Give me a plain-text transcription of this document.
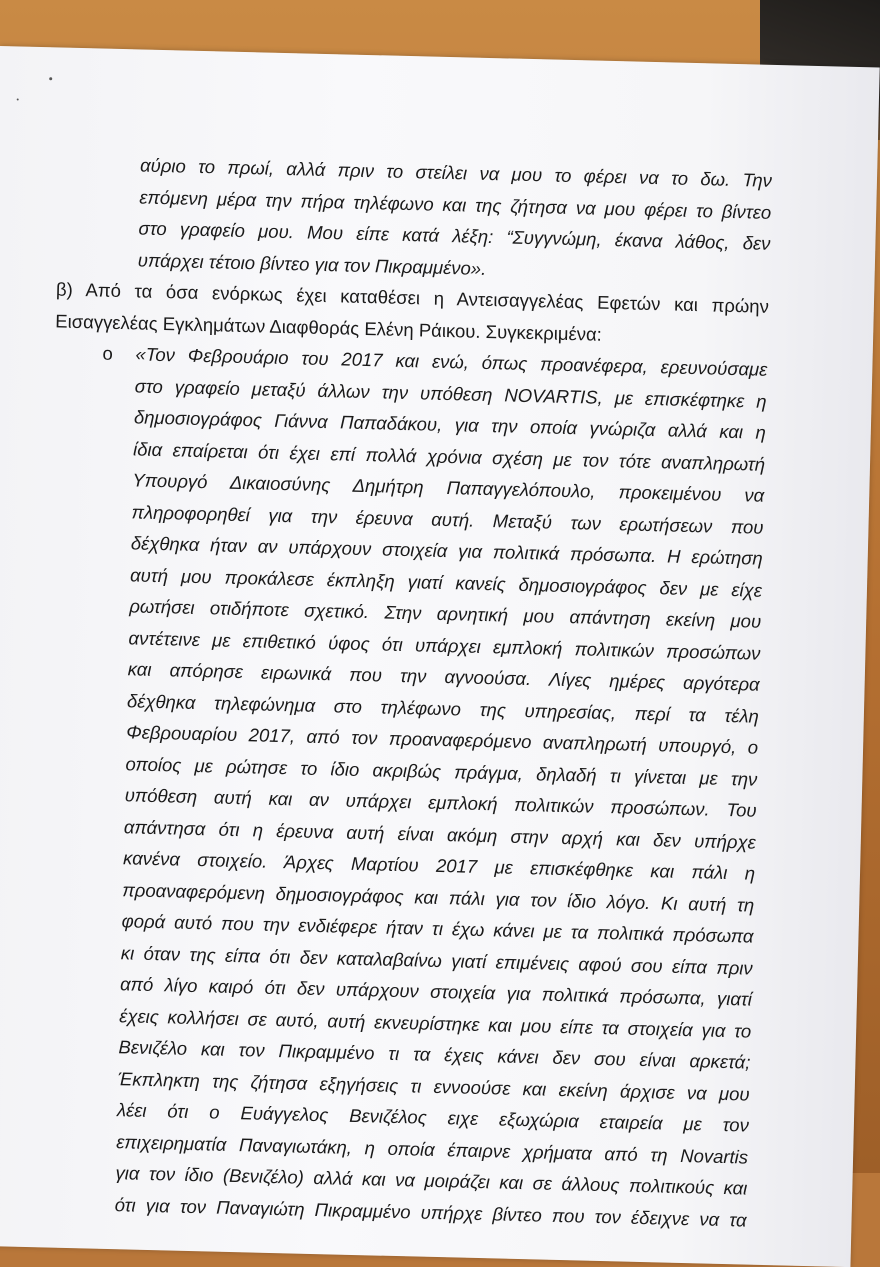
αύριο το πρωί, αλλά πριν το στείλει να μου το φέρει να το δω. Την
επόμενη μέρα την πήρα τηλέφωνο και της ζήτησα να μου φέρει το βίντεο
στο γραφείο μου. Μου είπε κατά λέξη: “Συγγνώμη, έκανα λάθος, δεν
υπάρχει τέτοιο βίντεο για τον Πικραμμένο».
β) Από τα όσα ενόρκως έχει καταθέσει η Αντεισαγγελέας Εφετών και πρώην
Εισαγγελέας Εγκλημάτων Διαφθοράς Ελένη Ράικου. Συγκεκριμένα:
o «Τον Φεβρουάριο του 2017 και ενώ, όπως προανέφερα, ερευνούσαμε
στο γραφείο μεταξύ άλλων την υπόθεση NOVARTIS, με επισκέφτηκε η
δημοσιογράφος Γιάννα Παπαδάκου, για την οποία γνώριζα αλλά και η
ίδια επαίρεται ότι έχει επί πολλά χρόνια σχέση με τον τότε αναπληρωτή
Υπουργό Δικαιοσύνης Δημήτρη Παπαγγελόπουλο, προκειμένου να
πληροφορηθεί για την έρευνα αυτή. Μεταξύ των ερωτήσεων που
δέχθηκα ήταν αν υπάρχουν στοιχεία για πολιτικά πρόσωπα. Η ερώτηση
αυτή μου προκάλεσε έκπληξη γιατί κανείς δημοσιογράφος δεν με είχε
ρωτήσει οτιδήποτε σχετικό. Στην αρνητική μου απάντηση εκείνη μου
αντέτεινε με επιθετικό ύφος ότι υπάρχει εμπλοκή πολιτικών προσώπων
και απόρησε ειρωνικά που την αγνοούσα. Λίγες ημέρες αργότερα
δέχθηκα τηλεφώνημα στο τηλέφωνο της υπηρεσίας, περί τα τέλη
Φεβρουαρίου 2017, από τον προαναφερόμενο αναπληρωτή υπουργό, ο
οποίος με ρώτησε το ίδιο ακριβώς πράγμα, δηλαδή τι γίνεται με την
υπόθεση αυτή και αν υπάρχει εμπλοκή πολιτικών προσώπων. Του
απάντησα ότι η έρευνα αυτή είναι ακόμη στην αρχή και δεν υπήρχε
κανένα στοιχείο. Άρχες Μαρτίου 2017 με επισκέφθηκε και πάλι η
προαναφερόμενη δημοσιογράφος και πάλι για τον ίδιο λόγο. Κι αυτή τη
φορά αυτό που την ενδιέφερε ήταν τι έχω κάνει με τα πολιτικά πρόσωπα
κι όταν της είπα ότι δεν καταλαβαίνω γιατί επιμένεις αφού σου είπα πριν
από λίγο καιρό ότι δεν υπάρχουν στοιχεία για πολιτικά πρόσωπα, γιατί
έχεις κολλήσει σε αυτό, αυτή εκνευρίστηκε και μου είπε τα στοιχεία για το
Βενιζέλο και τον Πικραμμένο τι τα έχεις κάνει δεν σου είναι αρκετά;
Έκπληκτη της ζήτησα εξηγήσεις τι εννοούσε και εκείνη άρχισε να μου
λέει ότι ο Ευάγγελος Βενιζέλος ειχε εξωχώρια εταιρεία με τον
επιχειρηματία Παναγιωτάκη, η οποία έπαιρνε χρήματα από τη Novartis
για τον ίδιο (Βενιζέλο) αλλά και να μοιράζει και σε άλλους πολιτικούς και
ότι για τον Παναγιώτη Πικραμμένο υπήρχε βίντεο που τον έδειχνε να τα
